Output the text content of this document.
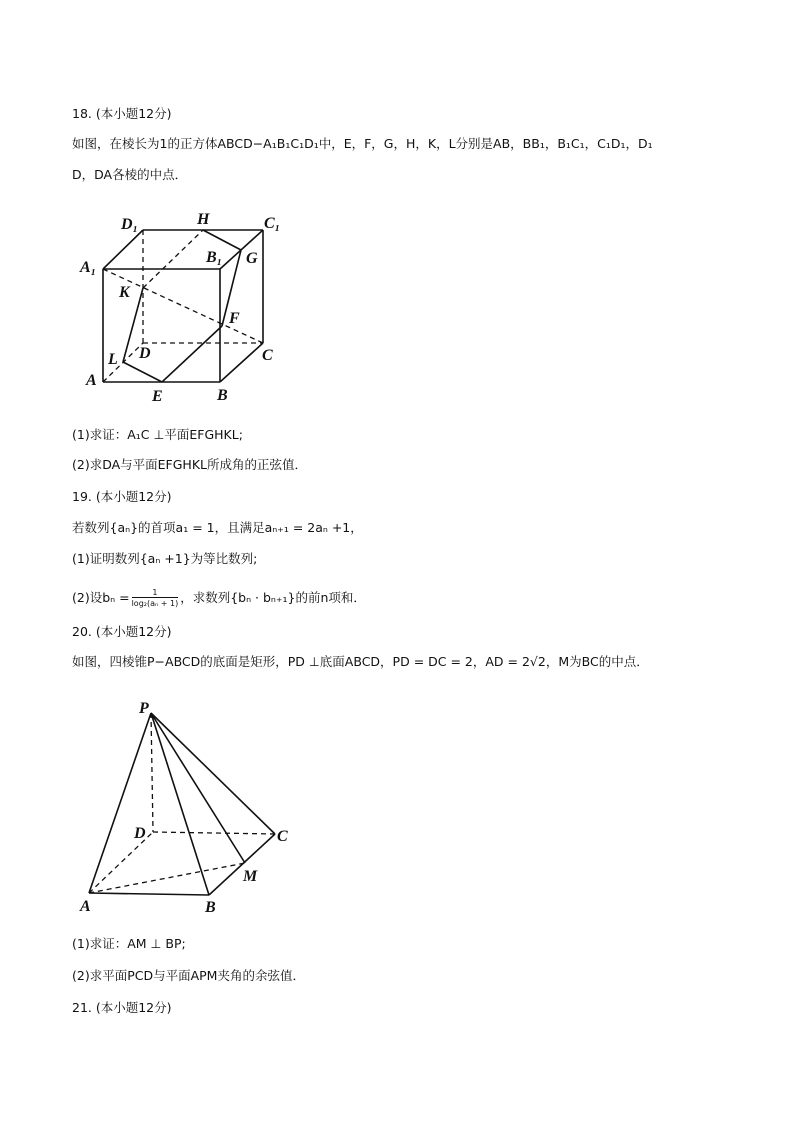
18. (本小题12分)
如图，在棱长为1的正方体ABCD−A₁B₁C₁D₁中，E，F，G，H，K，L分别是AB，BB₁，B₁C₁，C₁D₁，D₁
D，DA各棱的中点．
D₁	H	C₁
A₁
B₁ G
K
F
L D	C
A
E	B
(1)求证：A₁C ⊥平面EFGHKL;
(2)求DA与平面EFGHKL所成角的正弦值．
19. (本小题12分)
若数列{aₙ}的首项a₁ = 1，且满足aₙ₊₁ = 2aₙ +1，
(1)证明数列{aₙ +1}为等比数列;
(2)设$b_n = \frac{1}{\text{log₂(aₙ + 1)}}$ ，求数列{bₙ · bₙ₊₁}的前n项和．
20. (本小题12分)
如图，四棱锥P−ABCD的底面是矩形，PD ⊥底面ABCD，PD = DC = 2，AD = 2√2，M为BC的中点．
P
D	C
M
A	B
(1)求证：AM ⊥ BP;
(2)求平面PCD与平面APM夹角的余弦值．
21. (本小题12分)
